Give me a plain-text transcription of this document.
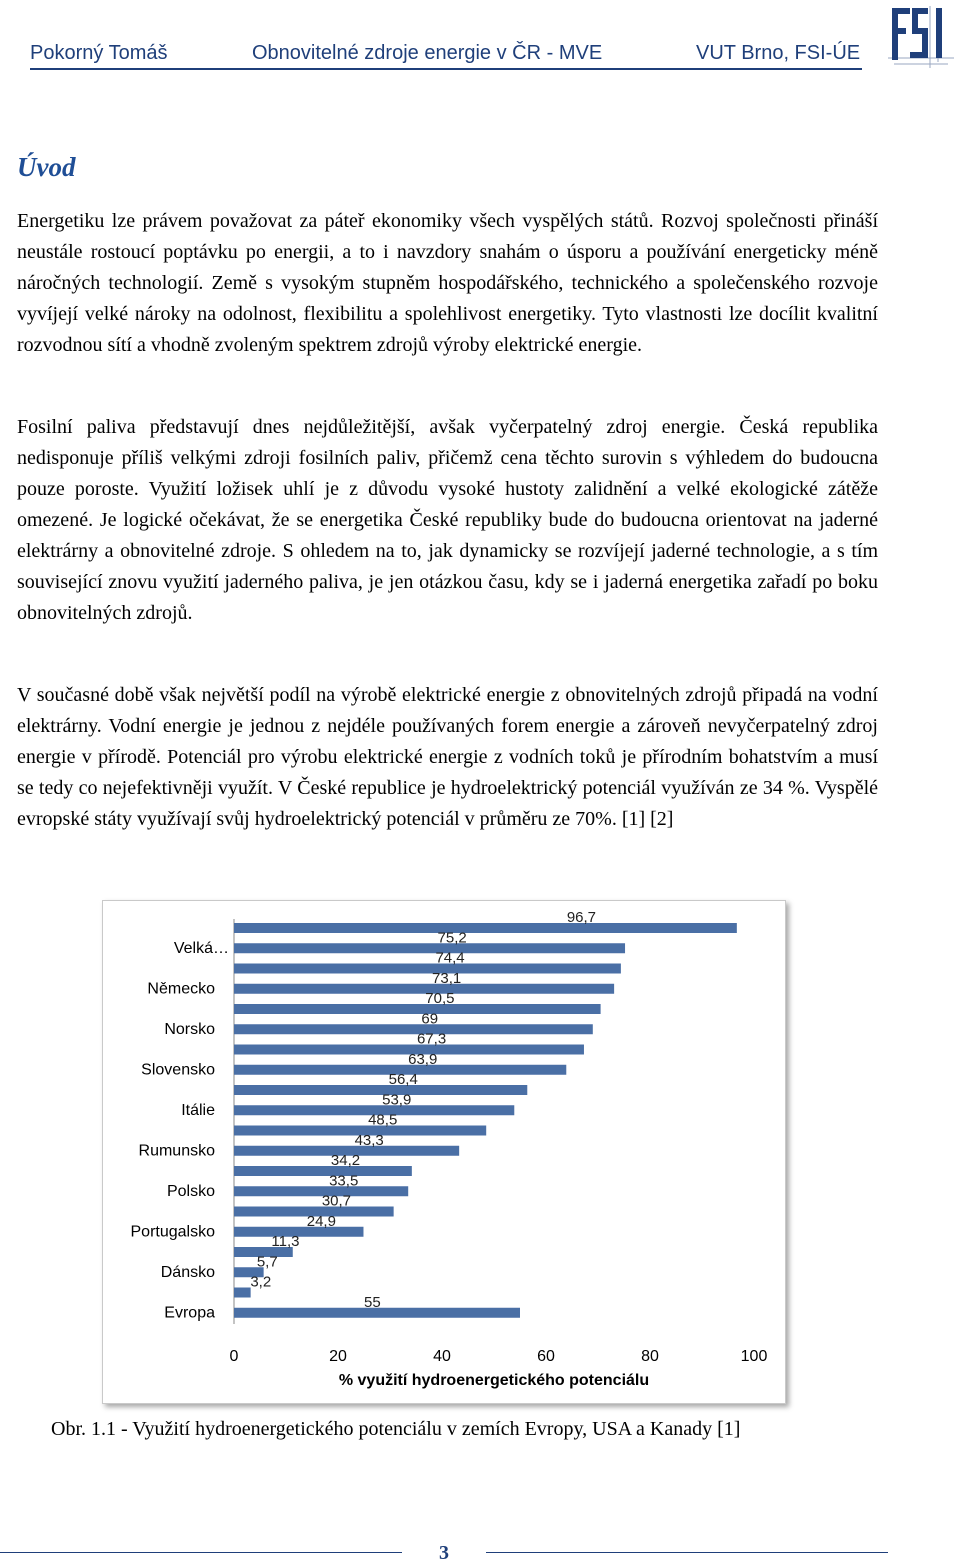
Pokorný Tomáš	Obnovitelné zdroje energie v ČR - MVE	VUT Brno, FSI-ÚE
Úvod

Energetiku lze právem považovat za páteř ekonomiky všech vyspělých států. Rozvoj společnosti přináší neustále rostoucí poptávku po energii, a to i navzdory snahám o úsporu a používání energeticky méně náročných technologií. Země s vysokým stupněm hospodářského, technického a společenského rozvoje vyvíjejí velké nároky na odolnost, flexibilitu a spolehlivost energetiky. Tyto vlastnosti lze docílit kvalitní rozvodnou sítí a vhodně zvoleným spektrem zdrojů výroby elektrické energie.

Fosilní paliva představují dnes nejdůležitější, avšak vyčerpatelný zdroj energie. Česká republika nedisponuje příliš velkými zdroji fosilních paliv, přičemž cena těchto surovin s výhledem do budoucna pouze poroste. Využití ložisek uhlí je z důvodu vysoké hustoty zalidnění a velké ekologické zátěže omezené. Je logické očekávat, že se energetika České republiky bude do budoucna orientovat na jaderné elektrárny a obnovitelné zdroje. S ohledem na to, jak dynamicky se rozvíjejí jaderné technologie, a s tím související znovu využití jaderného paliva, je jen otázkou času, kdy se i jaderná energetika zařadí po boku obnovitelných zdrojů.

V současné době však největší podíl na výrobě elektrické energie z obnovitelných zdrojů připadá na vodní elektrárny. Vodní energie je jednou z nejdéle používaných forem energie a zároveň nevyčerpatelný zdroj energie v přírodě. Potenciál pro výrobu elektrické energie z vodních toků je přírodním bohatstvím a musí se tedy co nejefektivněji využít. V České republice je hydroelektrický potenciál využíván ze 34 %. Vyspělé evropské státy využívají svůj hydroelektrický potenciál v průměru ze 70%. [1] [2]

96,7
75,2
74,4
73,1
70,5
69
67,3
63,9
56,4
53,9
48,5
43,3
34,2
33,5
30,7
24,9
11,3
5,7
3,2
55
Velká…
Německo
Norsko
Slovensko
Itálie
Rumunsko
Polsko
Portugalsko
Dánsko
Evropa
0	20	40	60	80	100
% využití hydroenergetického potenciálu
Obr. 1.1 - Využití hydroenergetického potenciálu v zemích Evropy, USA a Kanady [1]
3
